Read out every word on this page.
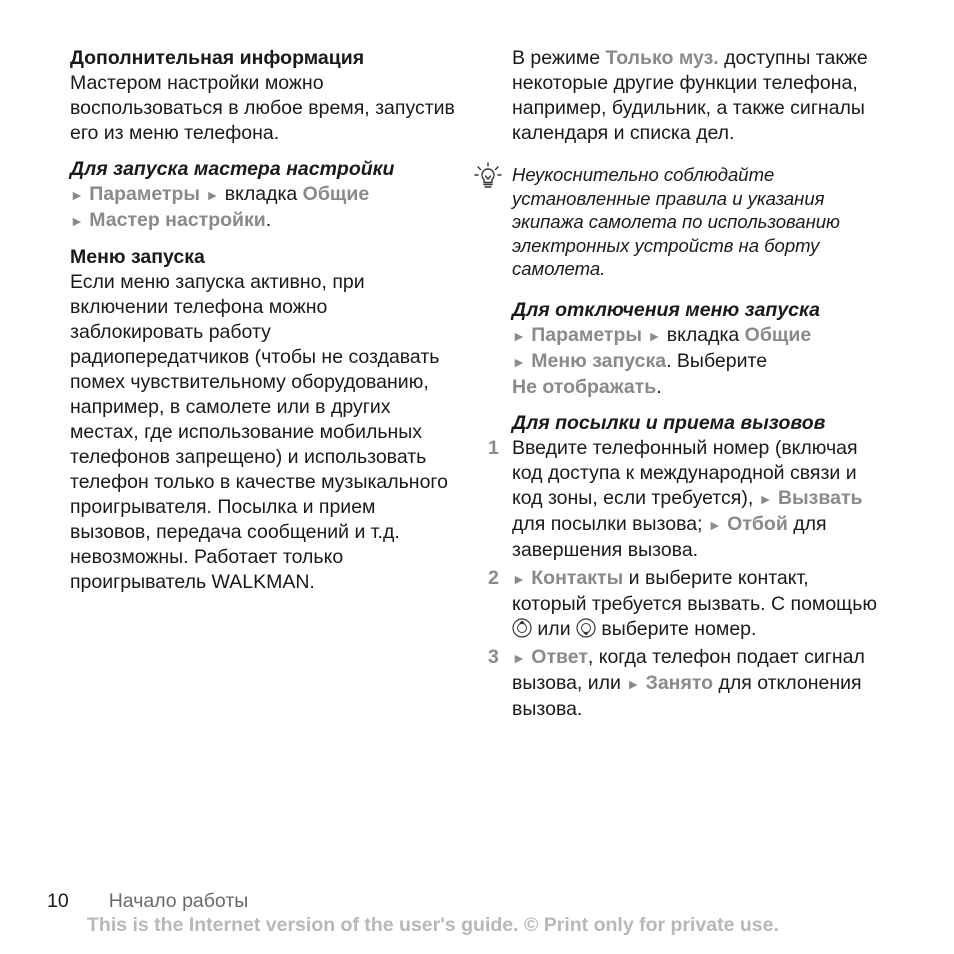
Дополнительная информация

Мастером настройки можно воспользоваться в любое время, запустив его из меню телефона.

Для запуска мастера настройки

► Параметры ► вкладка Общие
► Мастер настройки.

Меню запуска

Если меню запуска активно, при включении телефона можно заблокировать работу радиопередатчиков (чтобы не создавать помех чувствительному оборудованию, например, в самолете или в других местах, где использование мобильных телефонов запрещено) и использовать телефон только в качестве музыкального проигрывателя. Посылка и прием вызовов, передача сообщений и т.д. невозможны. Работает только проигрыватель WALKMAN.

В режиме Только муз. доступны также некоторые другие функции телефона, например, будильник, а также сигналы календаря и списка дел.

Неукоснительно соблюдайте установленные правила и указания экипажа самолета по использованию электронных устройств на борту самолета.

Для отключения меню запуска

► Параметры ► вкладка Общие
► Меню запуска. Выберите
Не отображать.

Для посылки и приема вызовов

1 Введите телефонный номер (включая код доступа к международной связи и код зоны, если требуется), ► Вызвать для посылки вызова; ► Отбой для завершения вызова.
2 ► Контакты и выберите контакт, который требуется вызвать. С помощью  или  выберите номер.
3 ► Ответ, когда телефон подает сигнал вызова, или ► Занято для отклонения вызова.
10 Начало работы
This is the Internet version of the user's guide. © Print only for private use.
